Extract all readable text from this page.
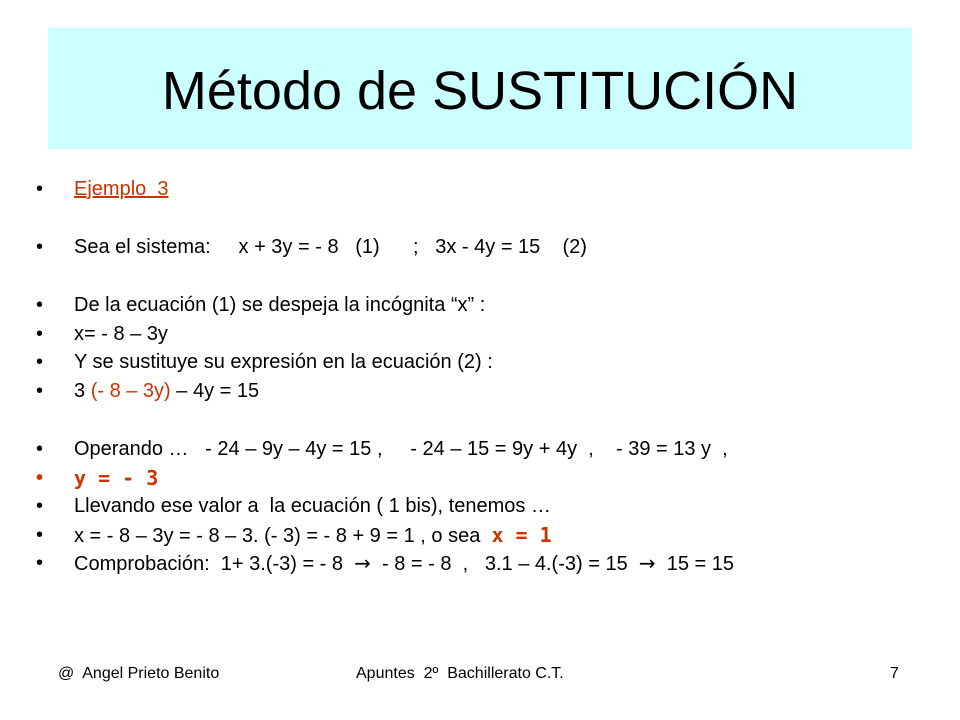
Método de SUSTITUCIÓN

•

	Ejemplo  3

•

	Sea el sistema:     x + 3y = - 8   (1)      ;   3x - 4y = 15    (2)

•

	De la ecuación (1) se despeja la incógnita “x” :

•

	x= - 8 – 3y

•

	Y se sustituye su expresión en la ecuación (2) :

•

	3 (- 8 – 3y) – 4y = 15

•

	Operando …   - 24 – 9y – 4y = 15 ,     - 24 – 15 = 9y + 4y  ,    - 39 = 13 y  ,

•

	y = - 3

•

	Llevando ese valor a  la ecuación ( 1 bis), tenemos …

•

	x = - 8 – 3y = - 8 – 3. (- 3) = - 8 + 9 = 1 , o sea  x = 1

•

	Comprobación:  1+ 3.(-3) = - 8  →  - 8 = - 8  ,   3.1 – 4.(-3) = 15  →  15 = 15

@  Angel Prieto Benito	Apuntes  2º  Bachillerato C.T.	7
